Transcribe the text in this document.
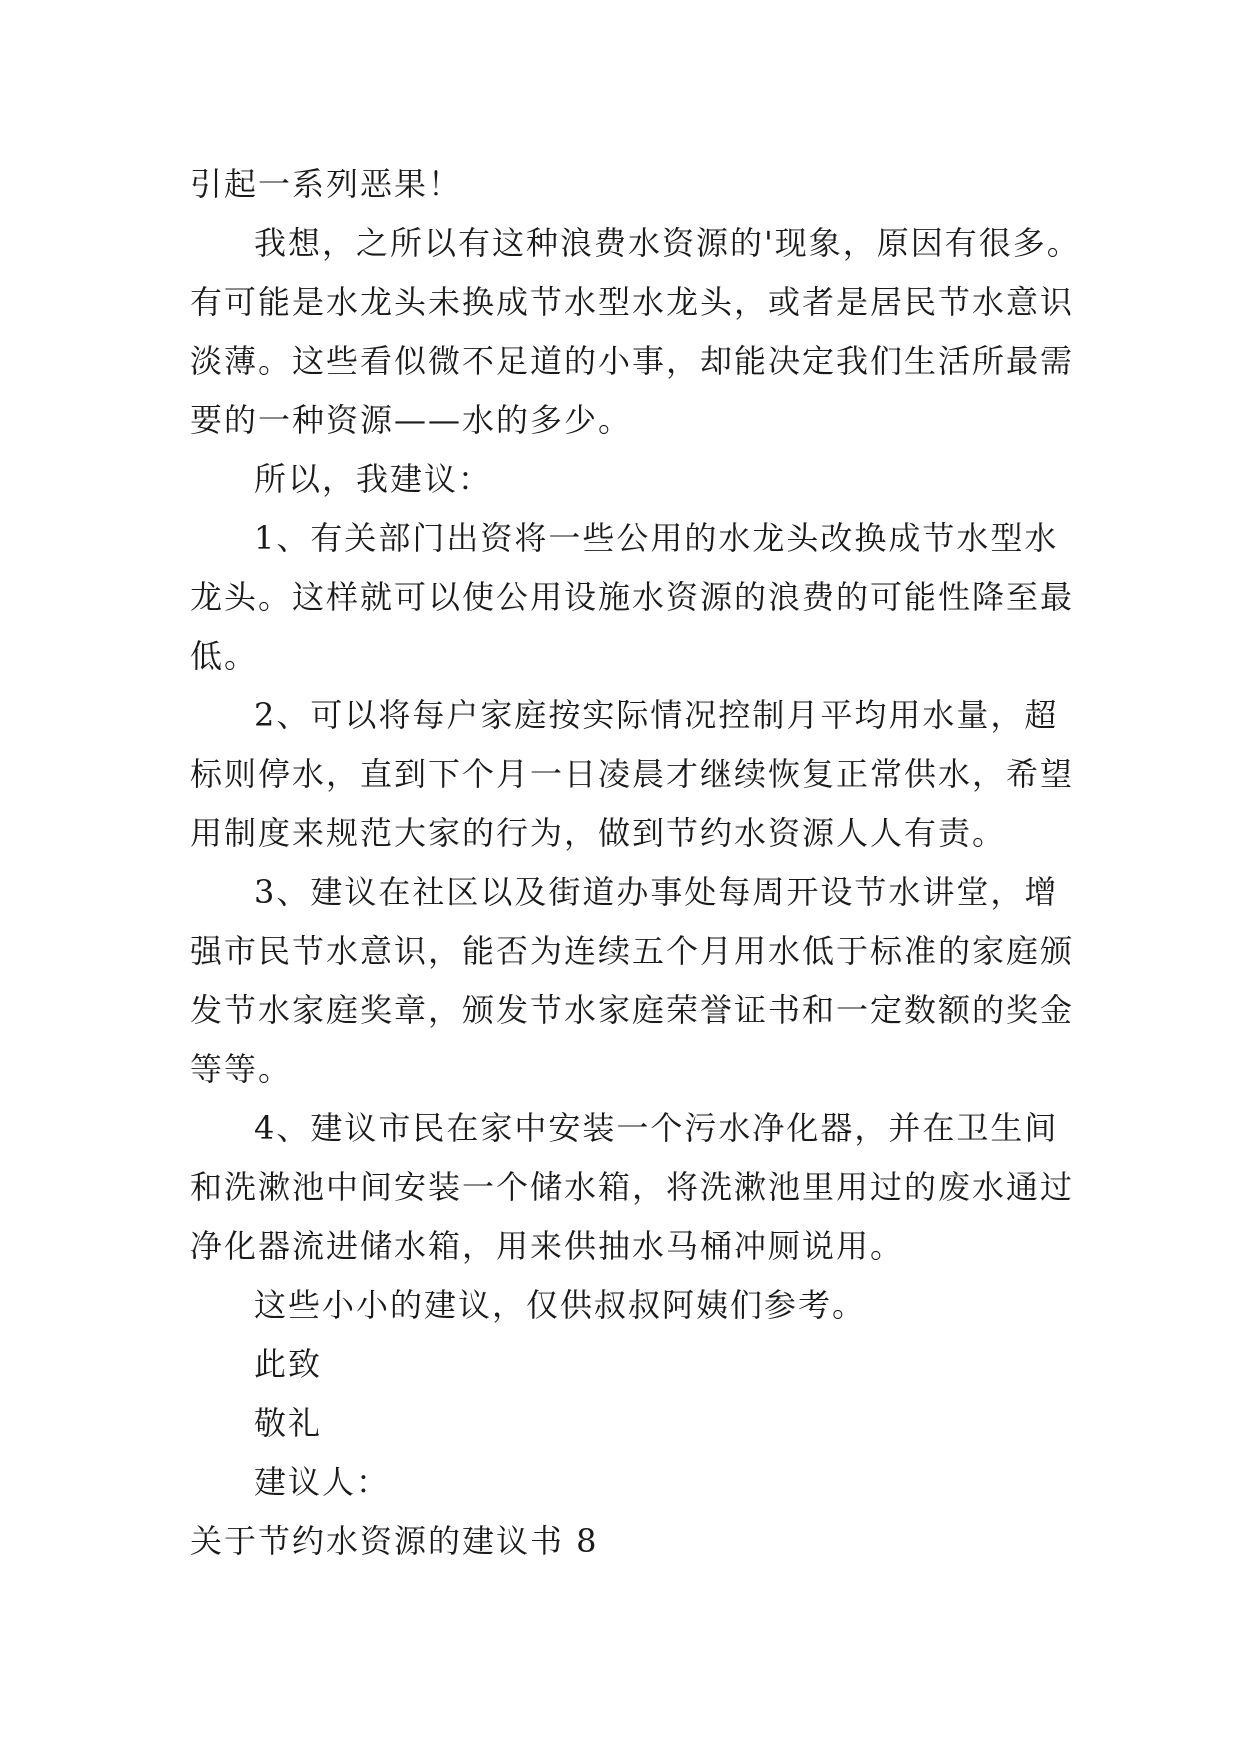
引起一系列恶果！
我想，之所以有这种浪费水资源的'现象，原因有很多。
有可能是水龙头未换成节水型水龙头，或者是居民节水意识
淡薄。这些看似微不足道的小事，却能决定我们生活所最需
要的一种资源——水的多少。
所以，我建议：
1、有关部门出资将一些公用的水龙头改换成节水型水
龙头。这样就可以使公用设施水资源的浪费的可能性降至最
低。
2、可以将每户家庭按实际情况控制月平均用水量，超
标则停水，直到下个月一日凌晨才继续恢复正常供水，希望
用制度来规范大家的行为，做到节约水资源人人有责。
3、建议在社区以及街道办事处每周开设节水讲堂，增
强市民节水意识，能否为连续五个月用水低于标准的家庭颁
发节水家庭奖章，颁发节水家庭荣誉证书和一定数额的奖金
等等。
4、建议市民在家中安装一个污水净化器，并在卫生间
和洗漱池中间安装一个储水箱，将洗漱池里用过的废水通过
净化器流进储水箱，用来供抽水马桶冲厕说用。
这些小小的建议，仅供叔叔阿姨们参考。
此致
敬礼
建议人：
关于节约水资源的建议书 8
